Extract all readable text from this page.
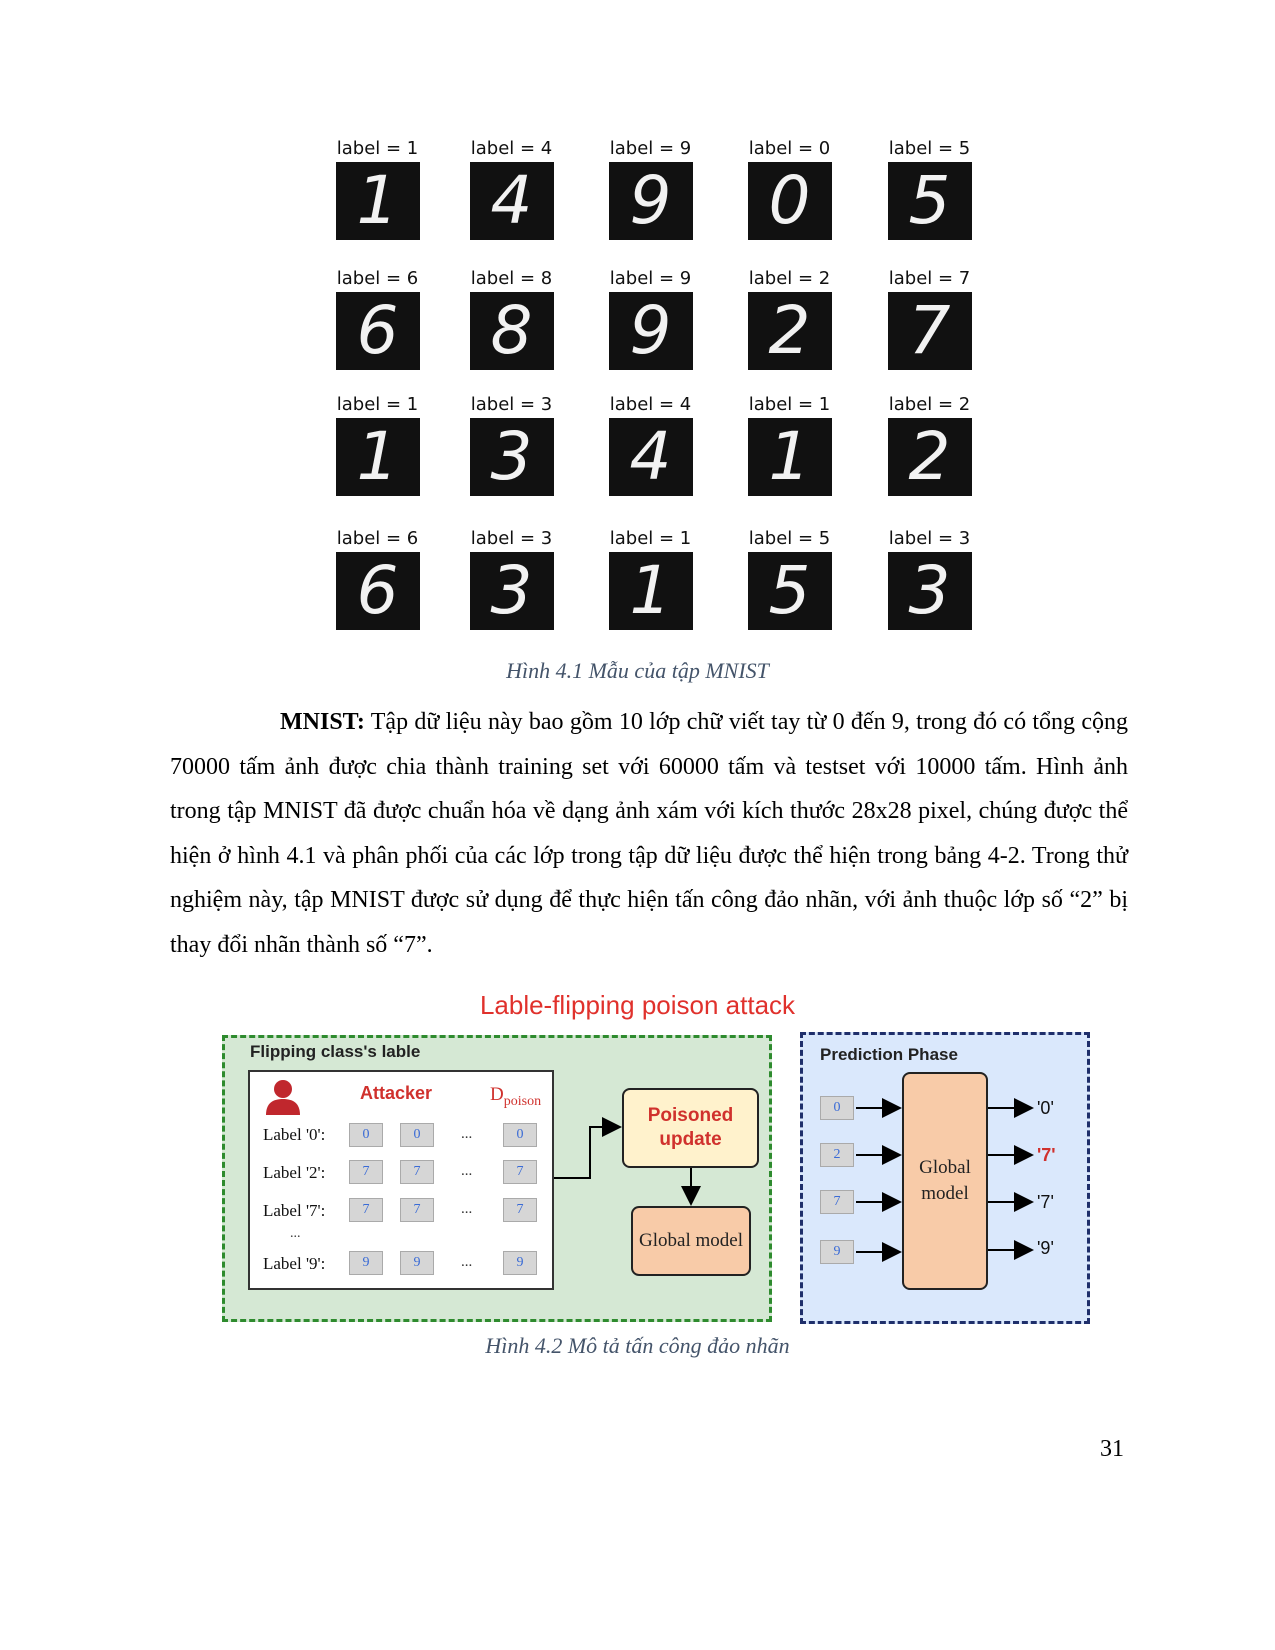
label = 1
1
label = 4
4
label = 9
9
label = 0
0
label = 5
5
label = 6
6
label = 8
8
label = 9
9
label = 2
2
label = 7
7
label = 1
1
label = 3
3
label = 4
4
label = 1
1
label = 2
2
label = 6
6
label = 3
3
label = 1
1
label = 5
5
label = 3
3
Hình 4.1 Mẫu của tập MNIST

MNIST: Tập dữ liệu này bao gồm 10 lớp chữ viết tay từ 0 đến 9, trong đó có tổng cộng 70000 tấm ảnh được chia thành training set với 60000 tấm và testset với 10000 tấm. Hình ảnh trong tập MNIST đã được chuẩn hóa về dạng ảnh xám với kích thước 28x28 pixel, chúng được thể hiện ở hình 4.1 và phân phối của các lớp trong tập dữ liệu được thể hiện trong bảng 4-2. Trong thử nghiệm này, tập MNIST được sử dụng để thực hiện tấn công đảo nhãn, với ảnh thuộc lớp số “2” bị thay đổi nhãn thành số “7”.

Lable-flipping poison attack
Flipping class's lable
Attacker	$D_{poison}$
Label '0':	0	0	...	0
Label '2':	7	7	...	7
Label '7':	7	7	...	7
...
Label '9':	9	9	...	9
Poisoned update
Global model
Prediction Phase
0
2
7
9
Global model
'0'
'7'
'7'
'9'
Hình 4.2 Mô tả tấn công đảo nhãn
31
